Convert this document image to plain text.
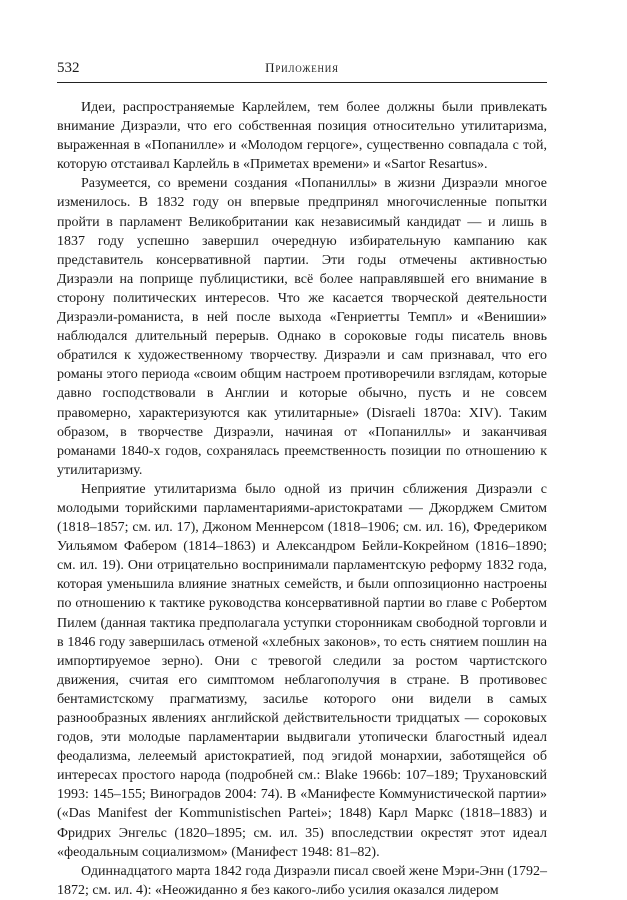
532	Приложения

Идеи, распространяемые Карлейлем, тем более должны были привлекать внимание Дизраэли, что его собственная позиция относительно утилитаризма, выраженная в «Попанилле» и «Молодом герцоге», существенно совпадала с той, которую отстаивал Карлейль в «Приметах времени» и «Sartor Resartus».

Разумеется, со времени создания «Попаниллы» в жизни Дизраэли многое изменилось. В 1832 году он впервые предпринял многочисленные попытки пройти в парламент Великобритании как независимый кандидат — и лишь в 1837 году успешно завершил очередную избирательную кампанию как представитель консервативной партии. Эти годы отмечены активностью Дизраэли на поприще публицистики, всё более направлявшей его внимание в сторону политических интересов. Что же касается творческой деятельности Дизраэли-романиста, в ней после выхода «Генриетты Темпл» и «Венишии» наблюдался длительный перерыв. Однако в сороковые годы писатель вновь обратился к художественному творчеству. Дизраэли и сам признавал, что его романы этого периода «своим общим настроем противоречили взглядам, которые давно господствовали в Англии и которые обычно, пусть и не совсем правомерно, характеризуются как утилитарные» (Disraeli 1870а: XIV). Таким образом, в творчестве Дизраэли, начиная от «Попаниллы» и заканчивая романами 1840-х годов, сохранялась преемственность позиции по отношению к утилитаризму.

Неприятие утилитаризма было одной из причин сближения Дизраэли с молодыми торийскими парламентариями-аристократами — Джорджем Смитом (1818–1857; см. ил. 17), Джоном Меннерсом (1818–1906; см. ил. 16), Фредериком Уильямом Фабером (1814–1863) и Александром Бейли-Кокрейном (1816–1890; см. ил. 19). Они отрицательно воспринимали парламентскую реформу 1832 года, которая уменьшила влияние знатных семейств, и были оппозиционно настроены по отношению к тактике руководства консервативной партии во главе с Робертом Пилем (данная тактика предполагала уступки сторонникам свободной торговли и в 1846 году завершилась отменой «хлебных законов», то есть снятием пошлин на импортируемое зерно). Они с тревогой следили за ростом чартистского движения, считая его симптомом неблагополучия в стране. В противовес бентамистскому прагматизму, засилье которого они видели в самых разнообразных явлениях английской действительности тридцатых — сороковых годов, эти молодые парламентарии выдвигали утопически благостный идеал феодализма, лелеемый аристократией, под эгидой монархии, заботящейся об интересах простого народа (подробней см.: Blake 1966b: 107–189; Трухановский 1993: 145–155; Виноградов 2004: 74). В «Манифесте Коммунистической партии» («Das Manifest der Kommunistischen Partei»; 1848) Карл Маркс (1818–1883) и Фридрих Энгельс (1820–1895; см. ил. 35) впоследствии окрестят этот идеал «феодальным социализмом» (Манифест 1948: 81–82).

Одиннадцатого марта 1842 года Дизраэли писал своей жене Мэри-Энн (1792–1872; см. ил. 4): «Неожиданно я без какого-либо усилия оказался лидером
